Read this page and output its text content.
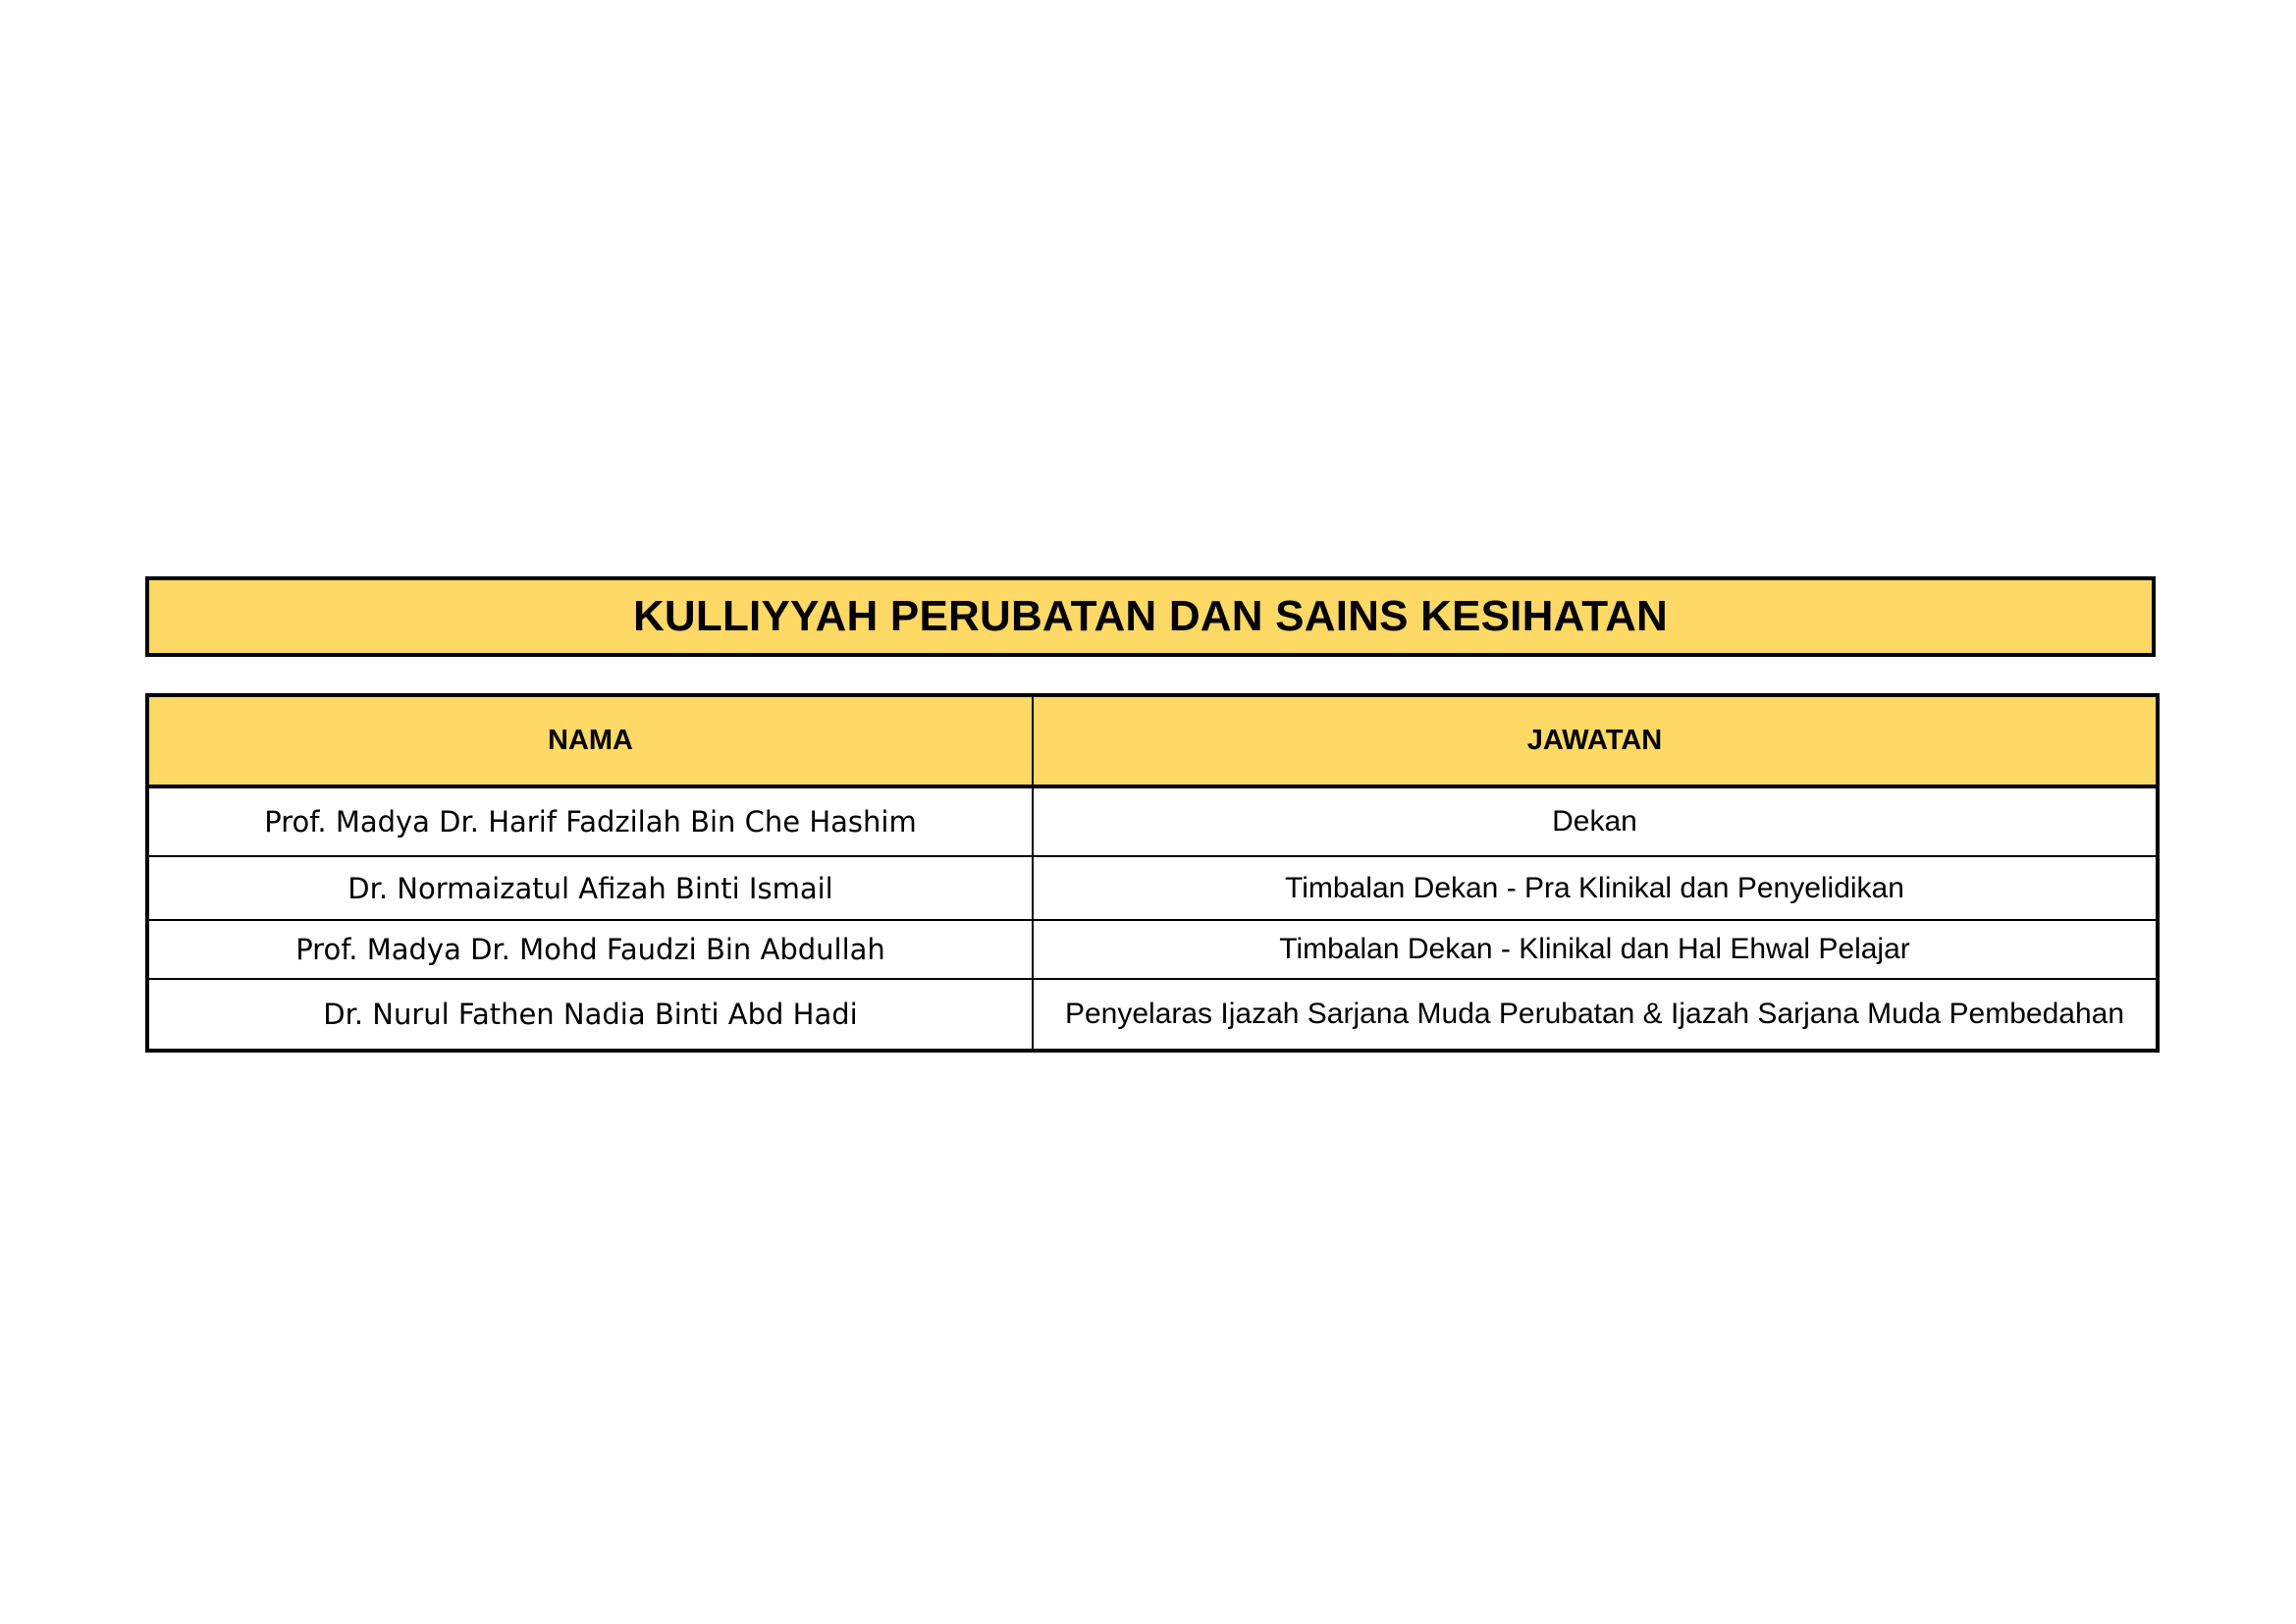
KULLIYYAH PERUBATAN DAN SAINS KESIHATAN
NAMA	JAWATAN
Prof. Madya Dr. Harif Fadzilah Bin Che Hashim	Dekan
Dr. Normaizatul Afizah Binti Ismail	Timbalan Dekan - Pra Klinikal dan Penyelidikan
Prof. Madya Dr. Mohd Faudzi Bin Abdullah	Timbalan Dekan - Klinikal dan Hal Ehwal Pelajar
Dr. Nurul Fathen Nadia Binti Abd Hadi	Penyelaras Ijazah Sarjana Muda Perubatan & Ijazah Sarjana Muda Pembedahan
